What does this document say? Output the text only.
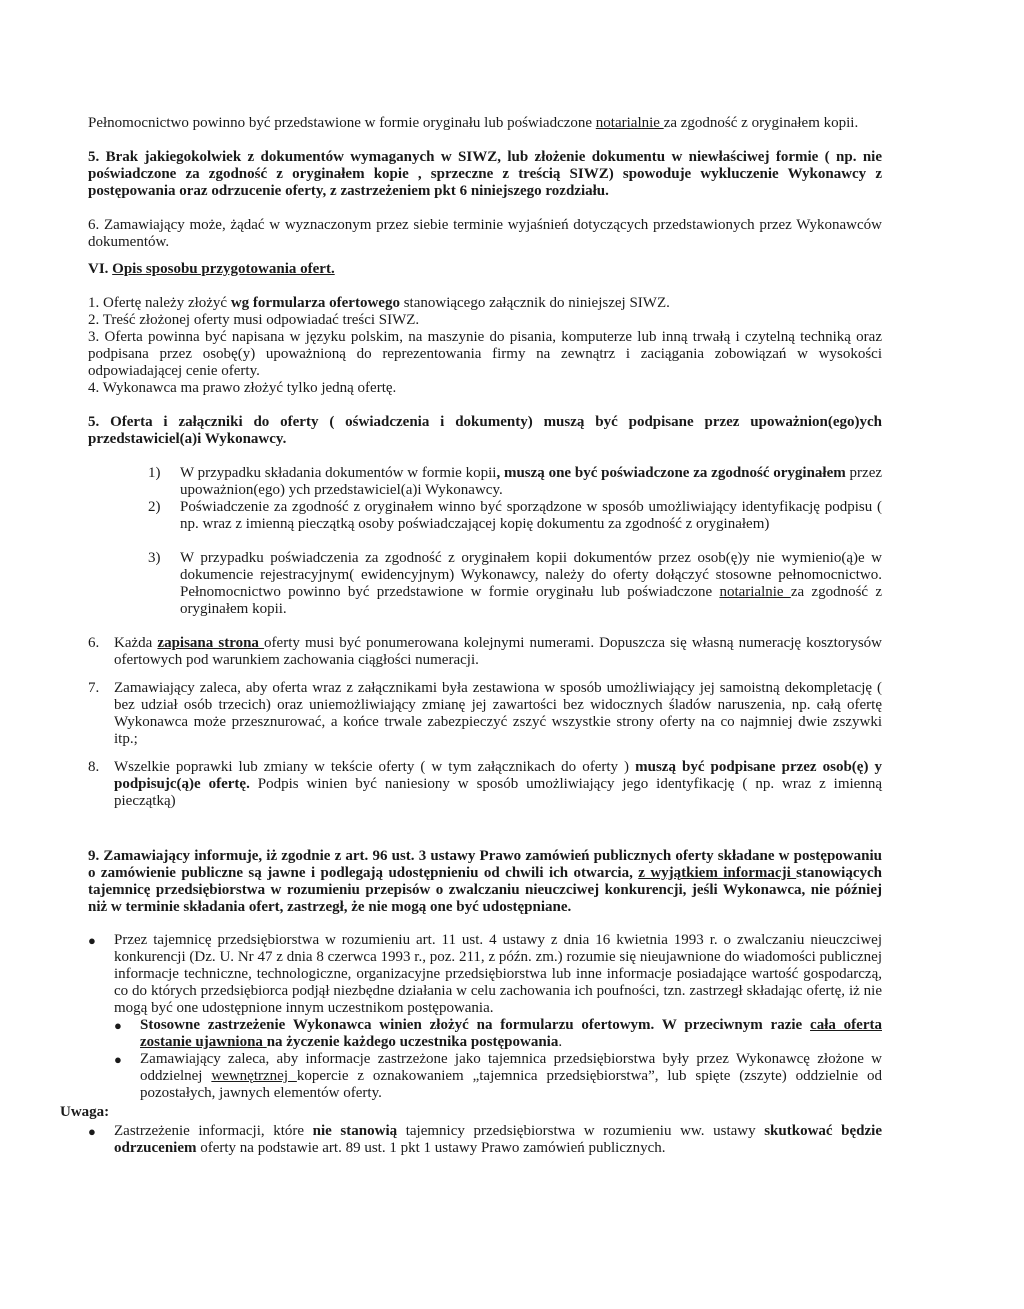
Pełnomocnictwo powinno być przedstawione w formie oryginału lub poświadczone notarialnie za zgodność z oryginałem kopii.

5. Brak jakiegokolwiek z dokumentów wymaganych w SIWZ, lub złożenie dokumentu w niewłaściwej formie ( np. nie poświadczone za zgodność z oryginałem kopie , sprzeczne z treścią SIWZ) spowoduje wykluczenie Wykonawcy z postępowania oraz odrzucenie oferty, z zastrzeżeniem pkt 6 niniejszego rozdziału.

6. Zamawiający może, żądać w wyznaczonym przez siebie terminie wyjaśnień dotyczących przedstawionych przez Wykonawców dokumentów.

VI. Opis sposobu przygotowania ofert.

1. Ofertę należy złożyć wg formularza ofertowego stanowiącego załącznik do niniejszej SIWZ.

2. Treść złożonej oferty musi odpowiadać treści SIWZ.

3. Oferta powinna być napisana w języku polskim, na maszynie do pisania, komputerze lub inną trwałą i czytelną techniką oraz podpisana przez osobę(y) upoważnioną do reprezentowania firmy na zewnątrz i zaciągania zobowiązań w wysokości odpowiadającej cenie oferty.

4. Wykonawca ma prawo złożyć tylko jedną ofertę.

5. Oferta i załączniki do oferty ( oświadczenia i dokumenty) muszą być podpisane przez upoważnion(ego)ych przedstawiciel(a)i Wykonawcy.

1)	W przypadku składania dokumentów w formie kopii, muszą one być poświadczone za zgodność oryginałem przez upoważnion(ego) ych przedstawiciel(a)i Wykonawcy.
2)	Poświadczenie za zgodność z oryginałem winno być sporządzone w sposób umożliwiający identyfikację podpisu ( np. wraz z imienną pieczątką osoby poświadczającej kopię dokumentu za zgodność z oryginałem)
3)	W przypadku poświadczenia za zgodność z oryginałem kopii dokumentów przez osob(ę)y nie wymienio(ą)e w dokumencie rejestracyjnym( ewidencyjnym) Wykonawcy, należy do oferty dołączyć stosowne pełnomocnictwo. Pełnomocnictwo powinno być przedstawione w formie oryginału lub poświadczone notarialnie za zgodność z oryginałem kopii.
6. Każda zapisana strona oferty musi być ponumerowana kolejnymi numerami. Dopuszcza się własną numerację kosztorysów ofertowych pod warunkiem zachowania ciągłości numeracji.
7. Zamawiający zaleca, aby oferta wraz z załącznikami była zestawiona w sposób umożliwiający jej samoistną dekompletację ( bez udział osób trzecich) oraz uniemożliwiający zmianę jej zawartości bez widocznych śladów naruszenia, np. całą ofertę Wykonawca może przesznurować, a końce trwale zabezpieczyć zszyć wszystkie strony oferty na co najmniej dwie zszywki itp.;
8. Wszelkie poprawki lub zmiany w tekście oferty ( w tym załącznikach do oferty ) muszą być podpisane przez osob(ę) y podpisujc(ą)e ofertę. Podpis winien być naniesiony w sposób umożliwiający jego identyfikację ( np. wraz z imienną pieczątką)

9. Zamawiający informuje, iż zgodnie z art. 96 ust. 3 ustawy Prawo zamówień publicznych oferty składane w postępowaniu o zamówienie publiczne są jawne i podlegają udostępnieniu od chwili ich otwarcia, z wyjątkiem informacji stanowiących tajemnicę przedsiębiorstwa w rozumieniu przepisów o zwalczaniu nieuczciwej konkurencji, jeśli Wykonawca, nie później niż w terminie składania ofert, zastrzegł, że nie mogą one być udostępniane.

●	Przez tajemnicę przedsiębiorstwa w rozumieniu art. 11 ust. 4 ustawy z dnia 16 kwietnia 1993 r. o zwalczaniu nieuczciwej konkurencji (Dz. U. Nr 47 z dnia 8 czerwca 1993 r., poz. 211, z późn. zm.) rozumie się nieujawnione do wiadomości publicznej informacje techniczne, technologiczne, organizacyjne przedsiębiorstwa lub inne informacje posiadające wartość gospodarczą, co do których przedsiębiorca podjął niezbędne działania w celu zachowania ich poufności, tzn. zastrzegł składając ofertę, iż nie mogą być one udostępnione innym uczestnikom postępowania.
●	Stosowne zastrzeżenie Wykonawca winien złożyć na formularzu ofertowym. W przeciwnym razie cała oferta zostanie ujawniona na życzenie każdego uczestnika postępowania.
●	Zamawiający zaleca, aby informacje zastrzeżone jako tajemnica przedsiębiorstwa były przez Wykonawcę złożone w oddzielnej wewnętrznej kopercie z oznakowaniem „tajemnica przedsiębiorstwa”, lub spięte (zszyte) oddzielnie od pozostałych, jawnych elementów oferty.

Uwaga:

●	Zastrzeżenie informacji, które nie stanowią tajemnicy przedsiębiorstwa w rozumieniu ww. ustawy skutkować będzie odrzuceniem oferty na podstawie art. 89 ust. 1 pkt 1 ustawy Prawo zamówień publicznych.
